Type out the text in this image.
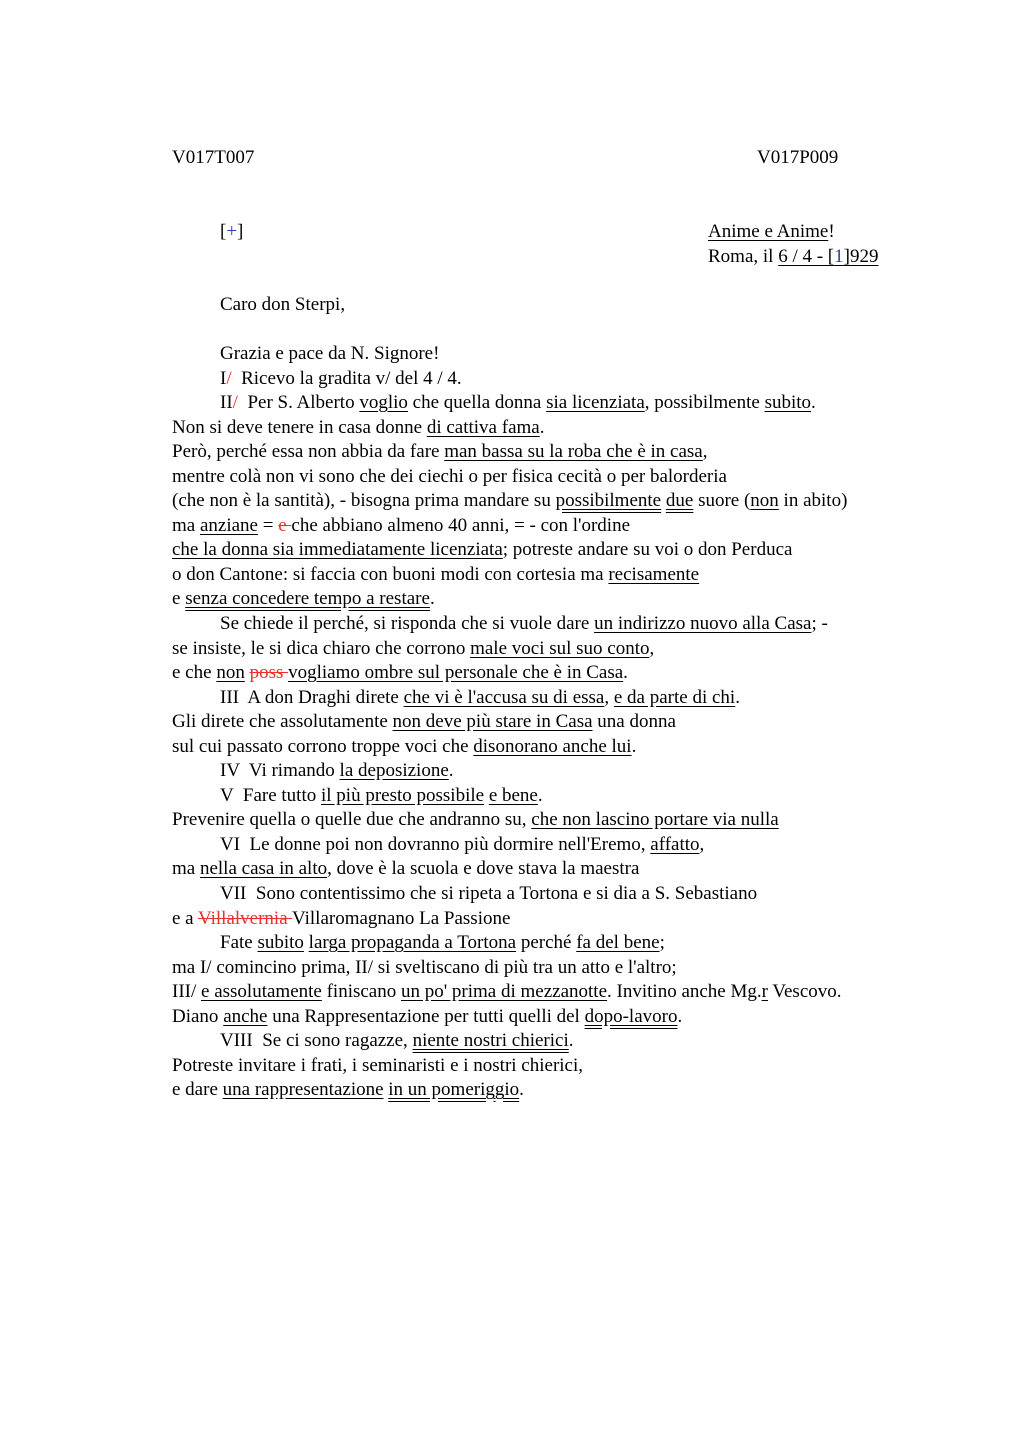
V017T007	V017P009
[+]	Anime e Anime!
Roma, il 6 / 4 - [1]929
Caro don Sterpi,
Grazia e pace da N. Signore!
I/  Ricevo la gradita v/ del 4 / 4.
II/  Per S. Alberto voglio che quella donna sia licenziata, possibilmente subito.
Non si deve tenere in casa donne di cattiva fama.
Però, perché essa non abbia da fare man bassa su la roba che è in casa,
mentre colà non vi sono che dei ciechi o per fisica cecità o per balorderia
(che non è la santità), - bisogna prima mandare su possibilmente due suore (non in abito)
ma anziane = e che abbiano almeno 40 anni, = - con l'ordine
che la donna sia immediatamente licenziata; potreste andare su voi o don Perduca
o don Cantone: si faccia con buoni modi con cortesia ma recisamente
e senza concedere tempo a restare.
Se chiede il perché, si risponda che si vuole dare un indirizzo nuovo alla Casa; -
se insiste, le si dica chiaro che corrono male voci sul suo conto,
e che non poss vogliamo ombre sul personale che è in Casa.
III  A don Draghi direte che vi è l'accusa su di essa, e da parte di chi.
Gli direte che assolutamente non deve più stare in Casa una donna
sul cui passato corrono troppe voci che disonorano anche lui.
IV  Vi rimando la deposizione.
V  Fare tutto il più presto possibile e bene.
Prevenire quella o quelle due che andranno su, che non lascino portare via nulla
VI  Le donne poi non dovranno più dormire nell'Eremo, affatto,
ma nella casa in alto, dove è la scuola e dove stava la maestra
VII  Sono contentissimo che si ripeta a Tortona e si dia a S. Sebastiano
e a Villalvernia Villaromagnano La Passione
Fate subito larga propaganda a Tortona perché fa del bene;
ma I/ comincino prima, II/ si sveltiscano di più tra un atto e l'altro;
III/ e assolutamente finiscano un po' prima di mezzanotte. Invitino anche Mg.r Vescovo.
Diano anche una Rappresentazione per tutti quelli del dopo-lavoro.
VIII  Se ci sono ragazze, niente nostri chierici.
Potreste invitare i frati, i seminaristi e i nostri chierici,
e dare una rappresentazione in un pomeriggio.
